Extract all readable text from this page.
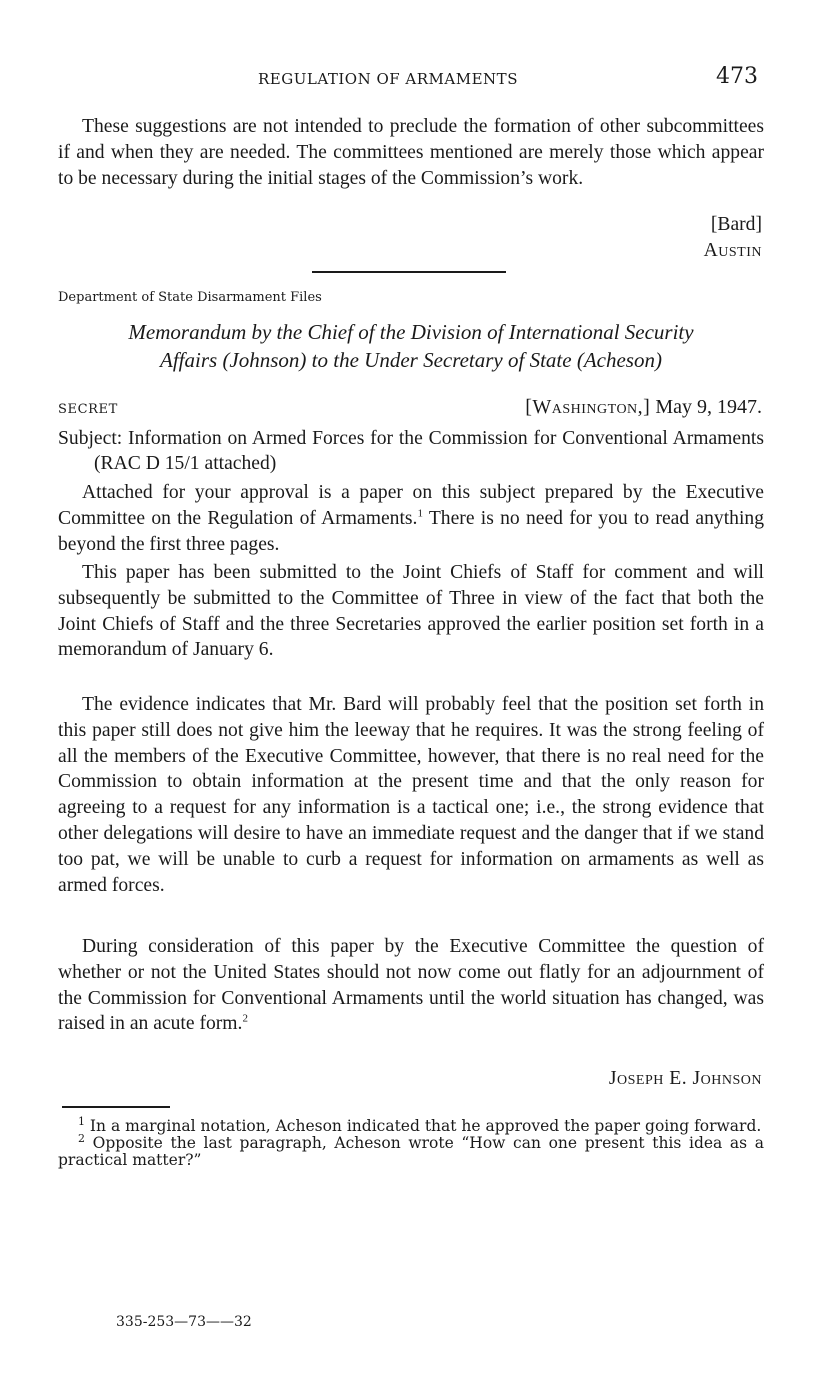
REGULATION OF ARMAMENTS	473

These suggestions are not intended to preclude the formation of other subcommittees if and when they are needed. The committees mentioned are merely those which appear to be necessary during the initial stages of the Commission’s work.

[Bard]
Austin
Department of State Disarmament Files
Memorandum by the Chief of the Division of International Security
Affairs (Johnson) to the Under Secretary of State (Acheson)
SECRET	[Washington,] May 9, 1947.
Subject: Information on Armed Forces for the Commission for Conventional Armaments (RAC D 15/1 attached)

Attached for your approval is a paper on this subject prepared by the Executive Committee on the Regulation of Armaments.$^1$ There is no need for you to read anything beyond the first three pages.

This paper has been submitted to the Joint Chiefs of Staff for comment and will subsequently be submitted to the Committee of Three in view of the fact that both the Joint Chiefs of Staff and the three Secretaries approved the earlier position set forth in a memorandum of January 6.

The evidence indicates that Mr. Bard will probably feel that the position set forth in this paper still does not give him the leeway that he requires. It was the strong feeling of all the members of the Executive Committee, however, that there is no real need for the Commission to obtain information at the present time and that the only reason for agreeing to a request for any information is a tactical one; i.e., the strong evidence that other delegations will desire to have an immediate request and the danger that if we stand too pat, we will be unable to curb a request for information on armaments as well as armed forces.

During consideration of this paper by the Executive Committee the question of whether or not the United States should not now come out flatly for an adjournment of the Commission for Conventional Armaments until the world situation has changed, was raised in an acute form.$^2$

Joseph E. Johnson

$^1$ In a marginal notation, Acheson indicated that he approved the paper going forward.

$^2$ Opposite the last paragraph, Acheson wrote “How can one present this idea as a practical matter?”

335-253—73——32
